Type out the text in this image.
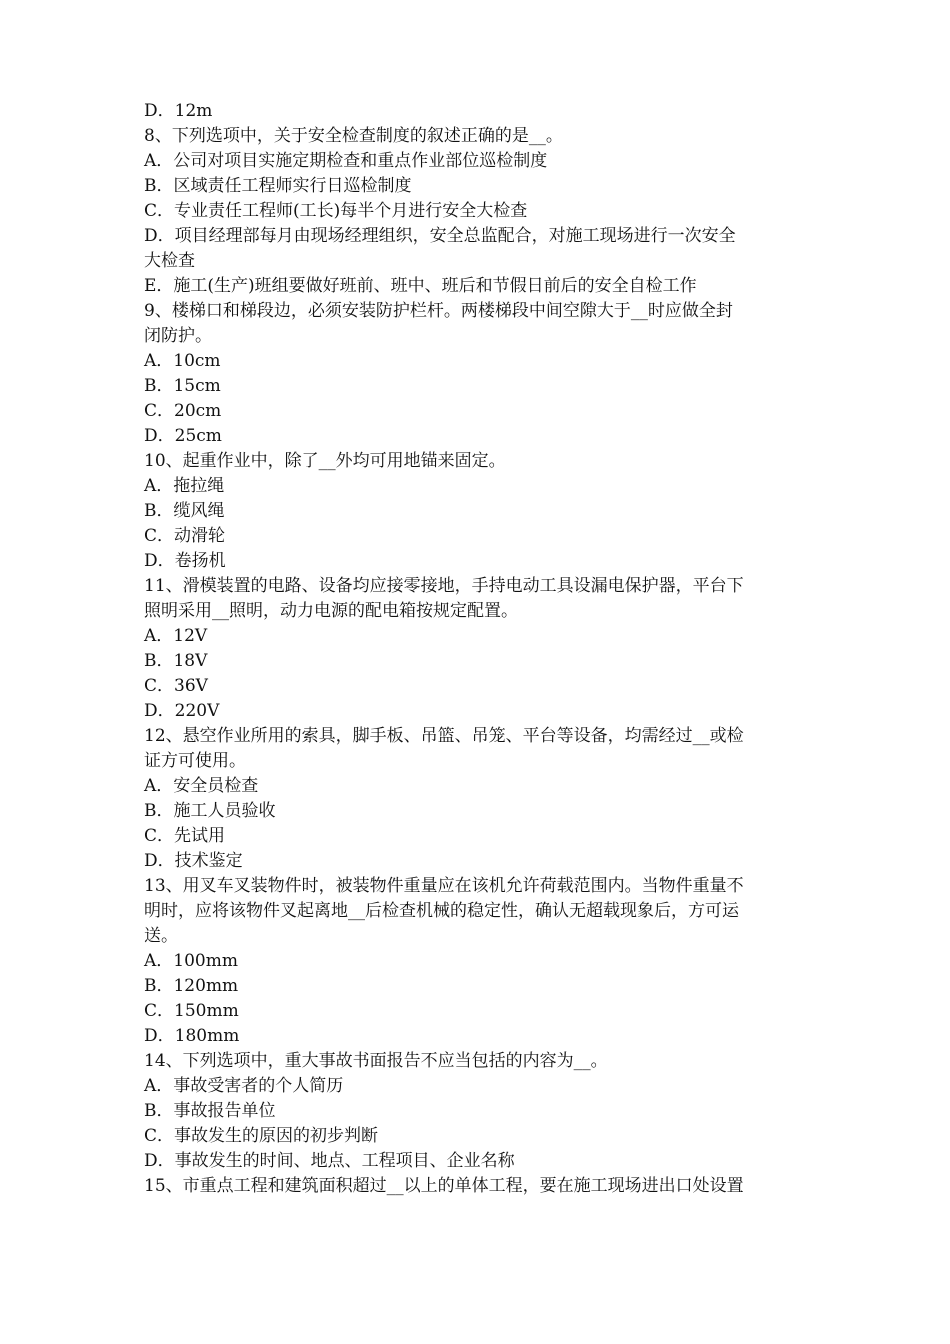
D．12m
8、下列选项中，关于安全检查制度的叙述正确的是__。
A．公司对项目实施定期检查和重点作业部位巡检制度
B．区域责任工程师实行日巡检制度
C．专业责任工程师(工长)每半个月进行安全大检查
D．项目经理部每月由现场经理组织，安全总监配合，对施工现场进行一次安全
大检查
E．施工(生产)班组要做好班前、班中、班后和节假日前后的安全自检工作
9、楼梯口和梯段边，必须安装防护栏杆。两楼梯段中间空隙大于__时应做全封
闭防护。
A．10cm
B．15cm
C．20cm
D．25cm
10、起重作业中，除了__外均可用地锚来固定。
A．拖拉绳
B．缆风绳
C．动滑轮
D．卷扬机
11、滑模装置的电路、设备均应接零接地，手持电动工具设漏电保护器，平台下
照明采用__照明，动力电源的配电箱按规定配置。
A．12V
B．18V
C．36V
D．220V
12、悬空作业所用的索具，脚手板、吊篮、吊笼、平台等设备，均需经过__或检
证方可使用。
A．安全员检查
B．施工人员验收
C．先试用
D．技术鉴定
13、用叉车叉装物件时，被装物件重量应在该机允许荷载范围内。当物件重量不
明时，应将该物件叉起离地__后检查机械的稳定性，确认无超载现象后，方可运
送。
A．100mm
B．120mm
C．150mm
D．180mm
14、下列选项中，重大事故书面报告不应当包括的内容为__。
A．事故受害者的个人简历
B．事故报告单位
C．事故发生的原因的初步判断
D．事故发生的时间、地点、工程项目、企业名称
15、市重点工程和建筑面积超过__以上的单体工程，要在施工现场进出口处设置
